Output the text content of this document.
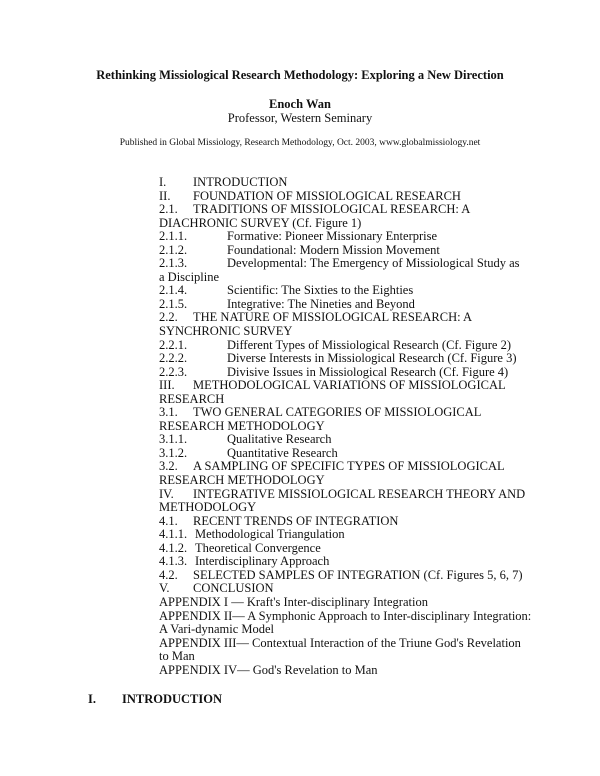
Rethinking Missiological Research Methodology: Exploring a New Direction
Enoch Wan
Professor, Western Seminary
Published in Global Missiology, Research Methodology, Oct. 2003, www.globalmissiology.net
I. INTRODUCTION
II. FOUNDATION OF MISSIOLOGICAL RESEARCH
2.1. TRADITIONS OF MISSIOLOGICAL RESEARCH: A
DIACHRONIC SURVEY (Cf. Figure 1)
2.1.1.	Formative: Pioneer Missionary Enterprise
2.1.2.	Foundational: Modern Mission Movement
2.1.3.	Developmental: The Emergency of Missiological Study as
a Discipline
2.1.4.	Scientific: The Sixties to the Eighties
2.1.5.	Integrative: The Nineties and Beyond
2.2. THE NATURE OF MISSIOLOGICAL RESEARCH: A
SYNCHRONIC SURVEY
2.2.1.	Different Types of Missiological Research (Cf. Figure 2)
2.2.2.	Diverse Interests in Missiological Research (Cf. Figure 3)
2.2.3.	Divisive Issues in Missiological Research (Cf. Figure 4)
III. METHODOLOGICAL VARIATIONS OF MISSIOLOGICAL
RESEARCH
3.1. TWO GENERAL CATEGORIES OF MISSIOLOGICAL
RESEARCH METHODOLOGY
3.1.1.	Qualitative Research
3.1.2.	Quantitative Research
3.2. A SAMPLING OF SPECIFIC TYPES OF MISSIOLOGICAL
RESEARCH METHODOLOGY
IV. INTEGRATIVE MISSIOLOGICAL RESEARCH THEORY AND
METHODOLOGY
4.1. RECENT TRENDS OF INTEGRATION
4.1.1. Methodological Triangulation
4.1.2. Theoretical Convergence
4.1.3. Interdisciplinary Approach
4.2. SELECTED SAMPLES OF INTEGRATION (Cf. Figures 5, 6, 7)
V. CONCLUSION
APPENDIX I — Kraft's Inter-disciplinary Integration
APPENDIX II— A Symphonic Approach to Inter-disciplinary Integration:
A Vari-dynamic Model
APPENDIX III— Contextual Interaction of the Triune God's Revelation
to Man
APPENDIX IV— God's Revelation to Man
I. INTRODUCTION
